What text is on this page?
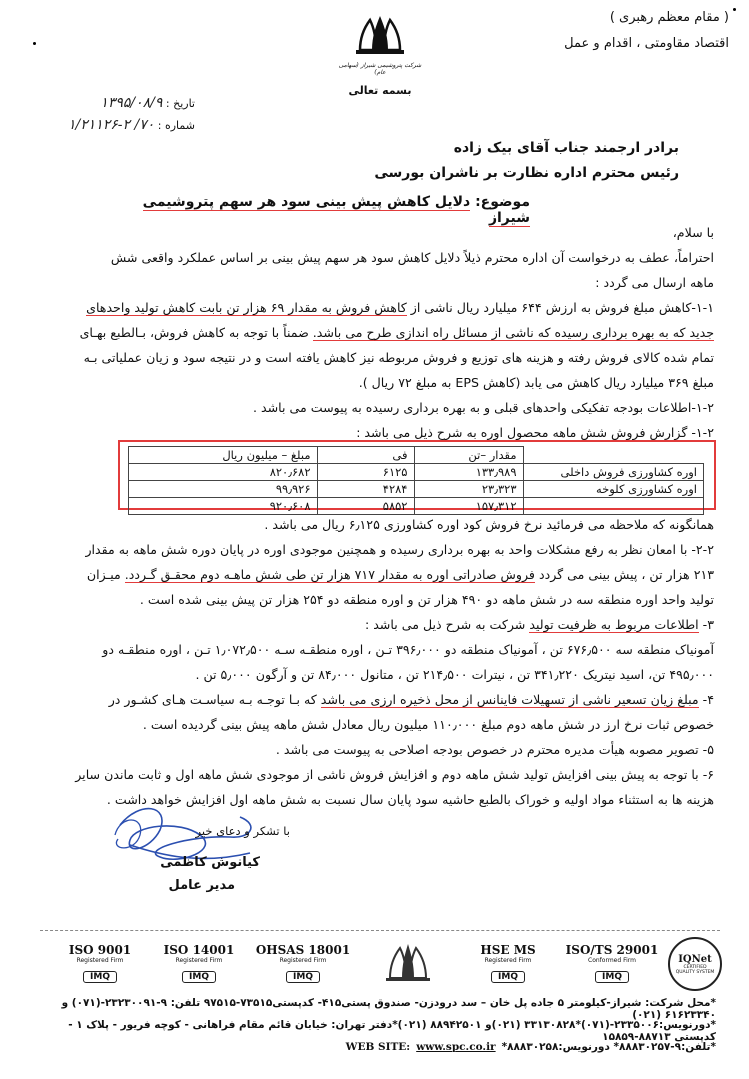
( مقام معظم رهبری )
اقتصاد مقاومتی ، اقدام و عمل
شرکت پتروشیمی شیراز (سهامی عام)
بسمه تعالی
تاریخ : ۱۳۹۵/۰۸/۹
شماره : ۷۰/ ۲-۱/۲۱۱۲۶
برادر ارجمند جناب آقای بیک زاده
رئیس محترم اداره نظارت بر ناشران بورسی
موضوع: دلایل کاهش پیش بینی سود هر سهم پتروشیمی شیراز
با سلام،
احتراماً، عطف به درخواست آن اداره محترم ذیلاً دلایل کاهش سود هر سهم پیش بینی بر اساس عملکرد واقعی شش
ماهه ارسال می گردد :
۱-۱-کاهش مبلغ فروش به ارزش ۶۴۴ میلیارد ریال ناشی از کاهش فروش به مقدار ۶۹ هزار تن بابت کاهش تولید واحدهای
جدید که به بهره برداری رسیده که ناشی از مسائل راه اندازی طرح می باشد. ضمناً با توجه به کاهش فروش، بـالطبع بهـای
تمام شده کالای فروش رفته و هزینه های توزیع و فروش مربوطه نیز کاهش یافته است و در نتیجه سود و زیان عملیاتی بـه
مبلغ ۳۶۹ میلیارد ریال کاهش می یابد (کاهش EPS به مبلغ ۷۲ ریال ).
۱-۲-اطلاعات بودجه تفکیکی واحدهای قبلی و به بهره برداری رسیده به پیوست می باشد .
۱-۲- گزارش فروش شش ماهه محصول اوره به شرح ذیل می باشد :
	مقدار –تن	فی	مبلغ – میلیون ریال
اوره کشاورزی فروش داخلی	۱۳۳٫۹۸۹	۶۱۲۵	۸۲۰٫۶۸۲
اوره کشاورزی کلوخه	۲۳٫۳۲۳	۴۲۸۴	۹۹٫۹۲۶
	۱۵۷٫۳۱۲	۵۸۵۲	۹۲۰٫۶۰۸
همانگونه که ملاحظه می فرمائید نرخ فروش کود اوره کشاورزی ۶٫۱۲۵ ریال می باشد .
۲-۲- با امعان نظر به رفع مشکلات واحد به بهره برداری رسیده و همچنین موجودی اوره در پایان دوره شش ماهه به مقدار
۲۱۳ هزار تن ، پیش بینی می گردد فروش صادراتی اوره به مقدار ۷۱۷ هزار تن طی شش ماهـه دوم محقـق گـردد. میـزان
تولید واحد اوره منطقه سه در شش ماهه دو ۴۹۰ هزار تن و اوره منطقه دو ۲۵۴ هزار تن پیش بینی شده است .
۳- اطلاعات مربوط به ظرفیت تولید شرکت به شرح ذیل می باشد :
آمونیاک منطقه سه ۶۷۶٫۵۰۰ تن ، آمونیاک منطقه دو ۳۹۶٫۰۰۰ تـن ، اوره منطقـه سـه ۱٫۰۷۲٫۵۰۰ تـن ، اوره منطقـه دو
۴۹۵٫۰۰۰ تن، اسید نیتریک ۳۴۱٫۲۲۰ تن ، نیترات ۲۱۴٫۵۰۰ تن ، متانول ۸۴٫۰۰۰ تن و آرگون ۵٫۰۰۰ تن .
۴- مبلغ زیان تسعیر ناشی از تسهیلات فاینانس از محل ذخیره ارزی می باشد که بـا توجـه بـه سیاسـت هـای کشـور در
خصوص ثبات نرخ ارز در شش ماهه دوم مبلغ ۱۱۰٫۰۰۰ میلیون ریال معادل شش ماهه پیش بینی گردیده است .
۵- تصویر مصوبه هیأت مدیره محترم در خصوص بودجه اصلاحی به پیوست می باشد .
۶- با توجه به پیش بینی افزایش تولید شش ماهه دوم و افزایش فروش ناشی از موجودی شش ماهه اول و ثابت ماندن سایر
هزینه ها به استثناء مواد اولیه و خوراک بالطبع حاشیه سود پایان سال نسبت به شش ماهه اول افزایش خواهد داشت .
با تشکر و دعای خیر
کیانوش کاظمی
مدیر عامل
ISO 9001
Registered Firm
IMQ
ISO 14001
Registered Firm
IMQ
OHSAS 18001
Registered Firm
IMQ
HSE MS
Registered Firm
IMQ
ISO/TS 29001
Conformed Firm
IMQ
IQNet
CERTIFIED QUALITY SYSTEM
*محل شرکت: شیراز-کیلومتر ۵ جاده پل خان – سد درودزن- صندوق پستی۴۱۵- کدپستی۷۳۵۱۵-۹۷۵۱۵ تلفن: ۹-۲۳۲۳۰۰۹۱-(۰۷۱) و ۶۱۶۲۳۳۴۰ (۰۲۱)
*دورنویس:۲۳۳۵۰۰۶-(۰۷۱)*۳۳۱۳۰۸۲۸ (۰۲۱)و ۸۸۹۴۲۵۰۱ (۰۲۱)*دفتر تهران: خیابان قائم مقام فراهانی - کوچه فریور - پلاک ۱ - کدپستی ۸۸۷۱۳-۱۵۸۵۹
WEB SITE: www.spc.co.ir *تلفن:۹-۸۸۸۳۰۲۵۷* دورنویس:۸۸۸۳۰۲۵۸*
